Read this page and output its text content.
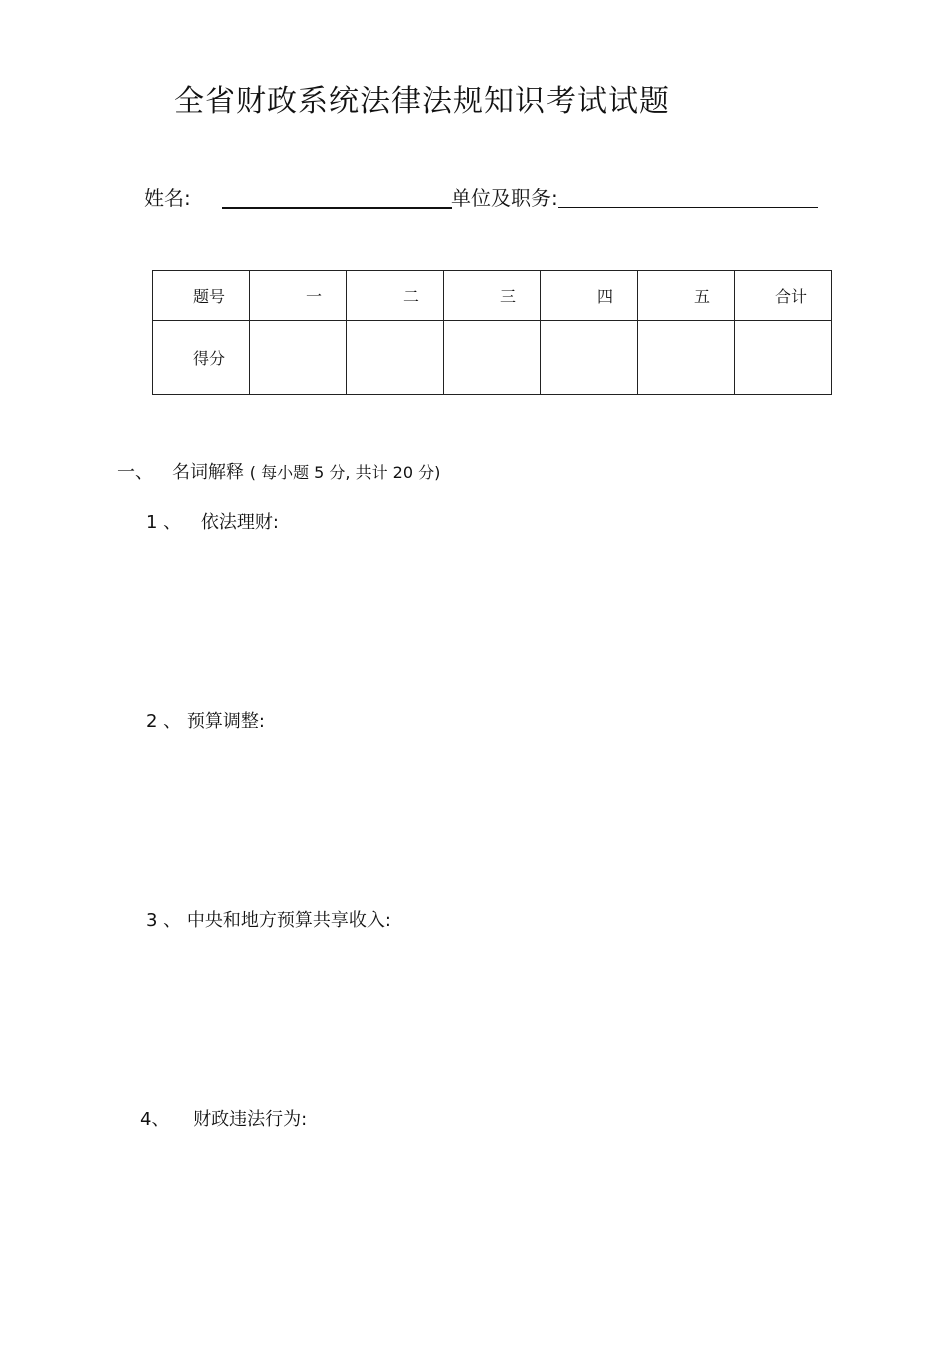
全省财政系统法律法规知识考试试题
姓名:	单位及职务:
题号	一	二	三	四	五	合计
得分						
一、 名词解释 ( 每小题 5 分, 共计 20 分)
1 、 依法理财:
2 、 预算调整:
3 、 中央和地方预算共享收入:
4、 财政违法行为:
